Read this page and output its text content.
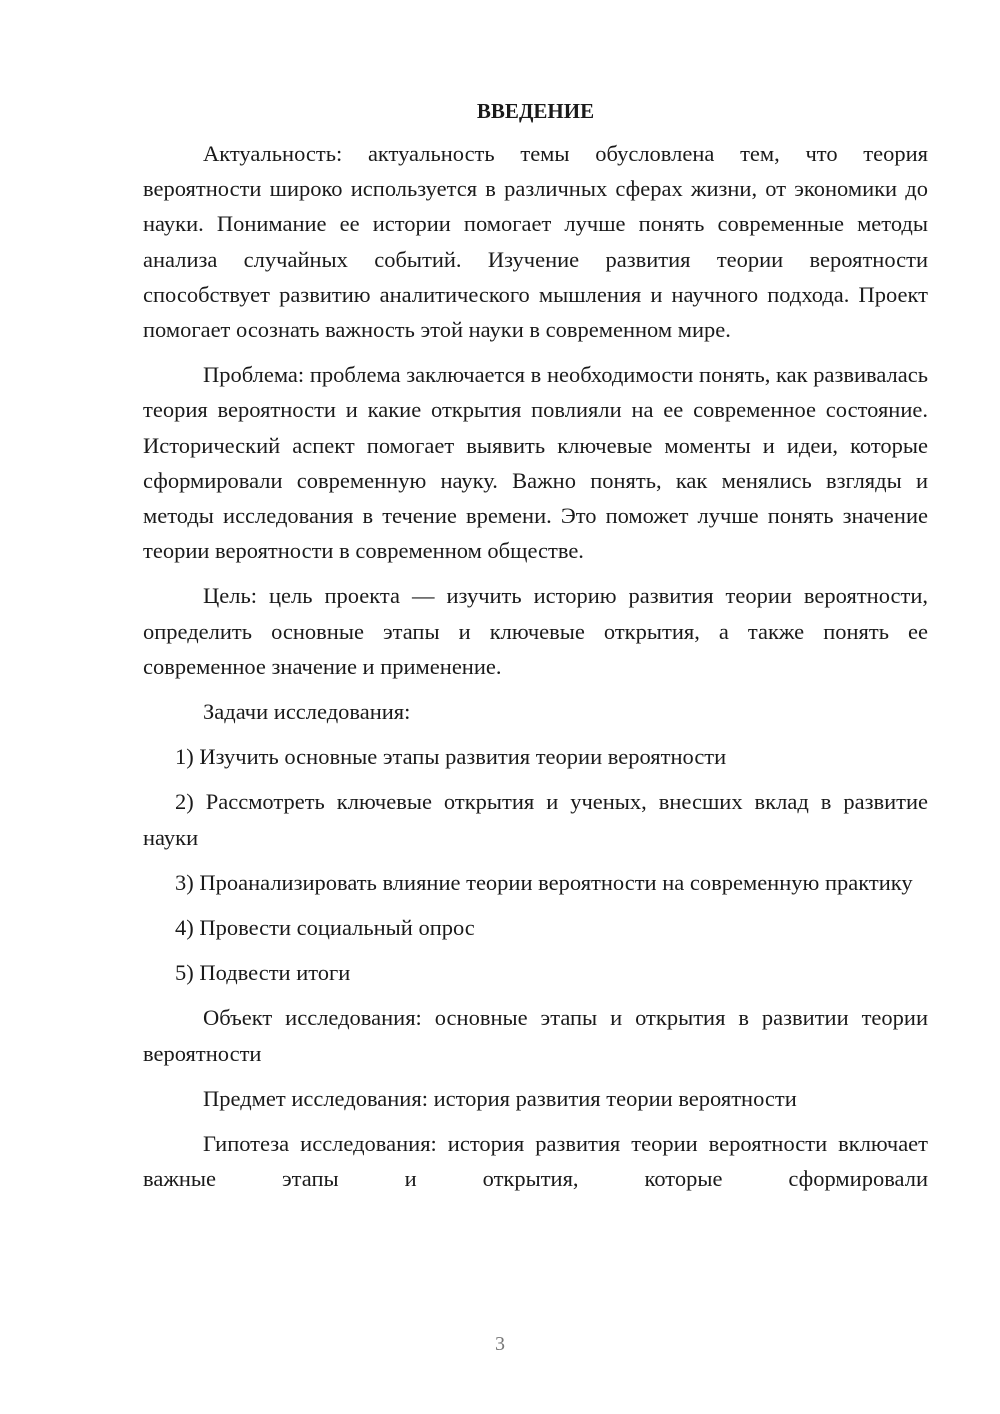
ВВЕДЕНИЕ

Актуальность: актуальность темы обусловлена тем, что теория вероятности широко используется в различных сферах жизни, от экономики до науки. Понимание ее истории помогает лучше понять современные методы анализа случайных событий. Изучение развития теории вероятности способствует развитию аналитического мышления и научного подхода. Проект помогает осознать важность этой науки в современном мире.

Проблема: проблема заключается в необходимости понять, как развивалась теория вероятности и какие открытия повлияли на ее современное состояние. Исторический аспект помогает выявить ключевые моменты и идеи, которые сформировали современную науку. Важно понять, как менялись взгляды и методы исследования в течение времени. Это поможет лучше понять значение теории вероятности в современном обществе.

Цель: цель проекта — изучить историю развития теории вероятности, определить основные этапы и ключевые открытия, а также понять ее современное значение и применение.

Задачи исследования:

1) Изучить основные этапы развития теории вероятности

2) Рассмотреть ключевые открытия и ученых, внесших вклад в развитие науки

3) Проанализировать влияние теории вероятности на современную практику

4) Провести социальный опрос

5) Подвести итоги

Объект исследования: основные этапы и открытия в развитии теории вероятности

Предмет исследования: история развития теории вероятности

Гипотеза исследования: история развития теории вероятности включает важные этапы и открытия, которые сформировали

3
